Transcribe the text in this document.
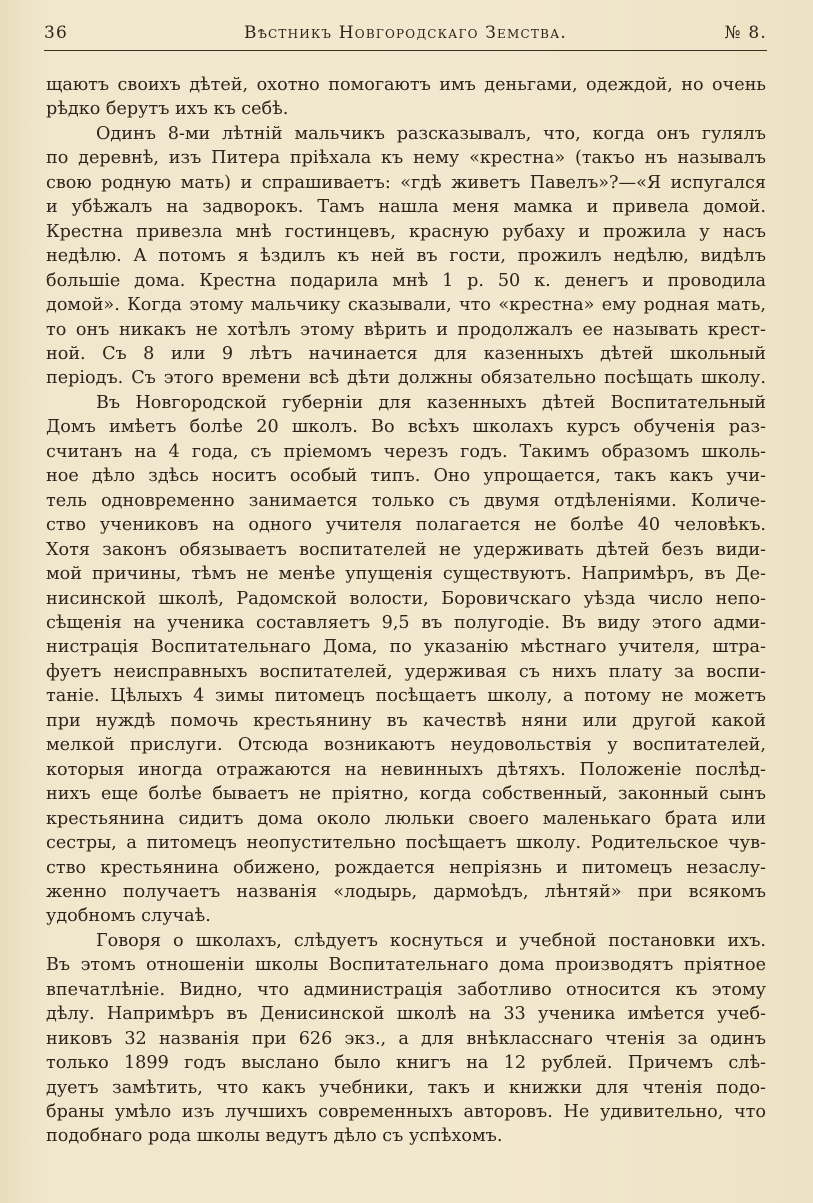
36	Вѣстникъ Новгородскаго Земства.	№ 8.

щаютъ своихъ дѣтей, охотно помогаютъ имъ деньгами, одеждой, но очень

рѣдко берутъ ихъ къ себѣ.

Одинъ 8-ми лѣтній мальчикъ разсказывалъ, что, когда онъ гулялъ

по деревнѣ, изъ Питера пріѣхала къ нему «крестна» (такъо нъ называлъ

свою родную мать) и спрашиваетъ: «гдѣ живетъ Павелъ»?—«Я испугался

и убѣжалъ на задворокъ. Тамъ нашла меня мамка и привела домой.

Крестна привезла мнѣ гостинцевъ, красную рубаху и прожила у насъ

недѣлю. А потомъ я ѣздилъ къ ней въ гости, прожилъ недѣлю, видѣлъ

большіе дома. Крестна подарила мнѣ 1 р. 50 к. денегъ и проводила

домой». Когда этому мальчику сказывали, что «крестна» ему родная мать,

то онъ никакъ не хотѣлъ этому вѣрить и продолжалъ ее называть крест-

ной. Съ 8 или 9 лѣтъ начинается для казенныхъ дѣтей школьный

періодъ. Съ этого времени всѣ дѣти должны обязательно посѣщать школу.

Въ Новгородской губерніи для казенныхъ дѣтей Воспитательный

Домъ имѣетъ болѣе 20 школъ. Во всѣхъ школахъ курсъ обученія раз-

считанъ на 4 года, съ пріемомъ черезъ годъ. Такимъ образомъ школь-

ное дѣло здѣсь носитъ особый типъ. Оно упрощается, такъ какъ учи-

тель одновременно занимается только съ двумя отдѣленіями. Количе-

ство учениковъ на одного учителя полагается не болѣе 40 человѣкъ.

Хотя законъ обязываетъ воспитателей не удерживать дѣтей безъ види-

мой причины, тѣмъ не менѣе упущенія существуютъ. Напримѣръ, въ Де-

нисинской школѣ, Радомской волости, Боровичскаго уѣзда число непо-

сѣщенія на ученика составляетъ 9,5 въ полугодіе. Въ виду этого адми-

нистрація Воспитательнаго Дома, по указанію мѣстнаго учителя, штра-

фуетъ неисправныхъ воспитателей, удерживая съ нихъ плату за воспи-

таніе. Цѣлыхъ 4 зимы питомецъ посѣщаетъ школу, а потому не можетъ

при нуждѣ помочь крестьянину въ качествѣ няни или другой какой

мелкой прислуги. Отсюда возникаютъ неудовольствія у воспитателей,

которыя иногда отражаются на невинныхъ дѣтяхъ. Положеніе послѣд-

нихъ еще болѣе бываетъ не пріятно, когда собственный, законный сынъ

крестьянина сидитъ дома около люльки своего маленькаго брата или

сестры, а питомецъ неопустительно посѣщаетъ школу. Родительское чув-

ство крестьянина обижено, рождается непріязнь и питомецъ незаслу-

женно получаетъ названія «лодырь, дармоѣдъ, лѣнтяй» при всякомъ

удобномъ случаѣ.

Говоря о школахъ, слѣдуетъ коснуться и учебной постановки ихъ.

Въ этомъ отношеніи школы Воспитательнаго дома производятъ пріятное

впечатлѣніе. Видно, что администрація заботливо относится къ этому

дѣлу. Напримѣръ въ Денисинской школѣ на 33 ученика имѣется учеб-

никовъ 32 названія при 626 экз., а для внѣкласснаго чтенія за одинъ

только 1899 годъ выслано было книгъ на 12 рублей. Причемъ слѣ-

дуетъ замѣтить, что какъ учебники, такъ и книжки для чтенія подо-

браны умѣло изъ лучшихъ современныхъ авторовъ. Не удивительно, что

подобнаго рода школы ведутъ дѣло съ успѣхомъ.
